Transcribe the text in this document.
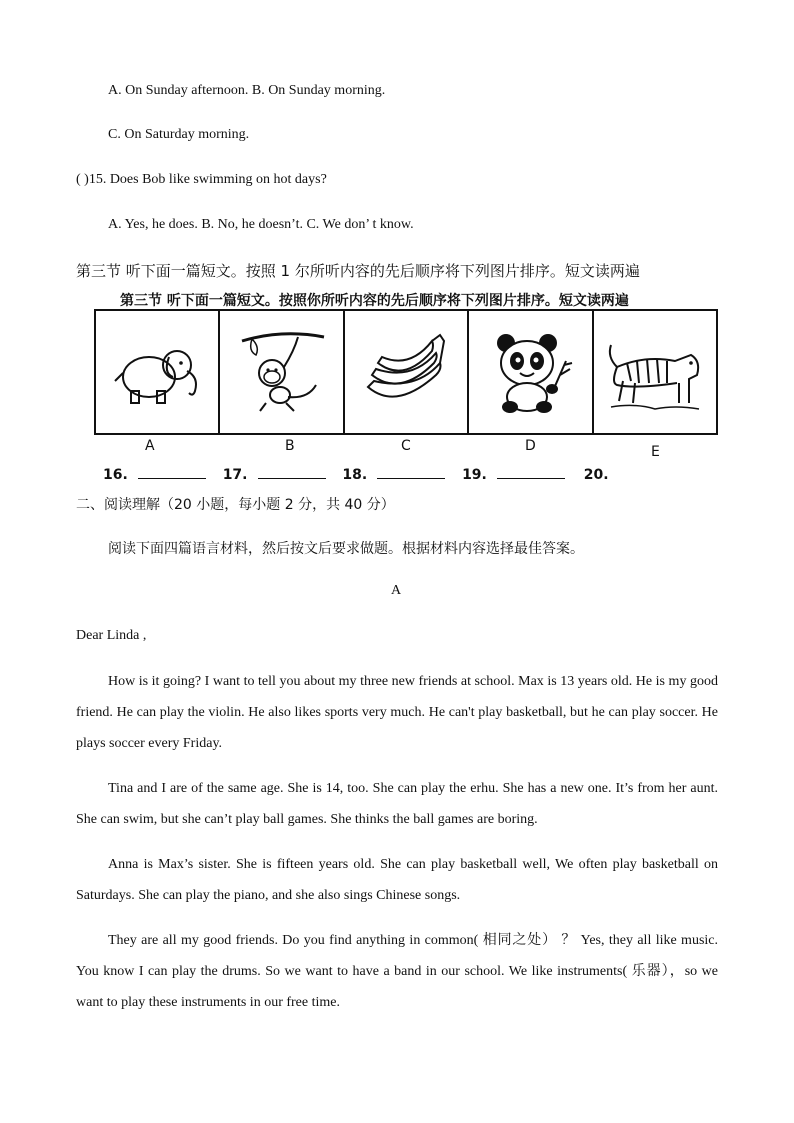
A. On Sunday afternoon. B. On Sunday morning.
C. On Saturday morning.
( )15. Does Bob like swimming on hot days?
A. Yes, he does. B. No, he doesn’t. C. We don’ t know.
第三节 听下面一篇短文。按照 1 尔所听内容的先后顺序将下列图片排序。短文读两遍
第三节 听下面一篇短文。按照你所听内容的先后顺序将下列图片排序。短文读两遍
A	B	C	D	E
16.	17.	18.	19.	20.
二、阅读理解（20 小题，每小题 2 分，共 40 分）
阅读下面四篇语言材料，然后按文后要求做题。根据材料内容选择最佳答案。
A
Dear Linda ,
How is it going? I want to tell you about my three new friends at school. Max is 13 years old. He is my good friend. He can play the violin. He also likes sports very much. He can't play basketball, but he can play soccer. He plays soccer every Friday.
Tina and I are of the same age. She is 14, too. She can play the erhu. She has a new one. It’s from her aunt. She can swim, but she can’t play ball games. She thinks the ball games are boring.
Anna is Max’s sister. She is fifteen years old. She can play basketball well, We often play basketball on Saturdays. She can play the piano, and she also sings Chinese songs.
They are all my good friends. Do you find anything in common( 相同之处） ？ Yes, they all like music. You know I can play the drums. So we want to have a band in our school. We like instruments( 乐器），so we want to play these instruments in our free time.
